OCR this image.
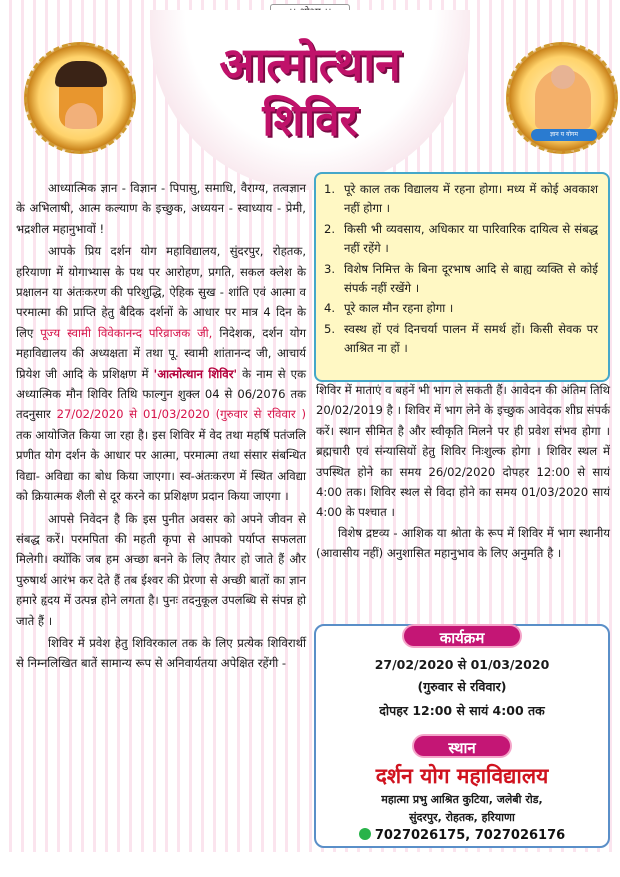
आत्मोत्थान
शिविर	ज्ञान य योगम

आध्यात्मिक ज्ञान - विज्ञान - पिपासु, समाधि, वैराग्य, तत्वज्ञान के अभिलाषी, आत्म कल्याण के इच्छुक, अध्ययन - स्वाध्याय - प्रेमी, भद्रशील महानुभावों !

आपके प्रिय दर्शन योग महाविद्यालय, सुंदरपुर, रोहतक, हरियाणा में योगाभ्यास के पथ पर आरोहण, प्रगति, सकल क्लेश के प्रक्षालन या अंतःकरण की परिशुद्धि, ऐहिक सुख - शांति एवं आत्मा व परमात्मा की प्राप्ति हेतु बैदिक दर्शनों के आधार पर मात्र 4 दिन के लिए पूज्य स्वामी विवेकानन्द परिव्राजक जी, निदेशक, दर्शन योग महाविद्यालय की अध्यक्षता में तथा पू. स्वामी शांतानन्द जी, आचार्य प्रियेश जी आदि के प्रशिक्षण में 'आत्मोत्थान शिविर' के नाम से एक अध्यात्मिक मौन शिविर तिथि फाल्गुन शुक्ल 04 से 06/2076 तक तदनुसार 27/02/2020 से 01/03/2020 (गुरुवार से रविवार ) तक आयोजित किया जा रहा है। इस शिविर में वेद तथा महर्षि पतंजलि प्रणीत योग दर्शन के आधार पर आत्मा, परमात्मा तथा संसार संबन्धित विद्या- अविद्या का बोध किया जाएगा। स्व-अंतःकरण में स्थित अविद्या को क्रियात्मक शैली से दूर करने का प्रशिक्षण प्रदान किया जाएगा ।

आपसे निवेदन है कि इस पुनीत अवसर को अपने जीवन से संबद्ध करें। परमपिता की महती कृपा से आपको पर्याप्त सफलता मिलेगी। क्योंकि जब हम अच्छा बनने के लिए तैयार हो जाते हैं और पुरुषार्थ आरंभ कर देते हैं तब ईश्वर की प्रेरणा से अच्छी बातों का ज्ञान हमारे हृदय में उत्पन्न होने लगता है। पुनः तदनुकूल उपलब्धि से संपन्न हो जाते हैं ।

शिविर में प्रवेश हेतु शिविरकाल तक के लिए प्रत्येक शिविरार्थी से निम्नलिखित बातें सामान्य रूप से अनिवार्यतया अपेक्षित रहेंगी -

1. पूरे काल तक विद्यालय में रहना होगा। मध्य में कोई अवकाश नहीं होगा ।
2. किसी भी व्यवसाय, अधिकार या पारिवारिक दायित्व से संबद्ध नहीं रहेंगे ।
3. विशेष निमित्त के बिना दूरभाष आदि से बाह्य व्यक्ति से कोई संपर्क नहीं रखेंगे ।
4. पूरे काल मौन रहना होगा ।
5. स्वस्थ हों एवं दिनचर्या पालन में समर्थ हों। किसी सेवक पर आश्रित ना हों ।

शिविर में माताएं व बहनें भी भाग ले सकती हैं। आवेदन की अंतिम तिथि 20/02/2019 है । शिविर में भाग लेने के इच्छुक आवेदक शीघ्र संपर्क करें। स्थान सीमित है और स्वीकृति मिलने पर ही प्रवेश संभव होगा । ब्रह्मचारी एवं संन्यासियों हेतु शिविर निःशुल्क होगा । शिविर स्थल में उपस्थित होने का समय 26/02/2020 दोपहर 12:00 से सायं 4:00 तक। शिविर स्थल से विदा होने का समय 01/03/2020 सायं 4:00 के पश्चात ।

विशेष द्रष्टव्य - आशिक या श्रोता के रूप में शिविर में भाग स्थानीय (आवासीय नहीं) अनुशासित महानुभाव के लिए अनुमति है ।

कार्यक्रम
27/02/2020 से 01/03/2020
(गुरुवार से रविवार)
दोपहर 12:00 से सायं 4:00 तक
स्थान
दर्शन योग महाविद्यालय
महात्मा प्रभु आश्रित कुटिया, जलेबी रोड,
सुंदरपुर, रोहतक, हरियाणा
7027026175, 7027026176
